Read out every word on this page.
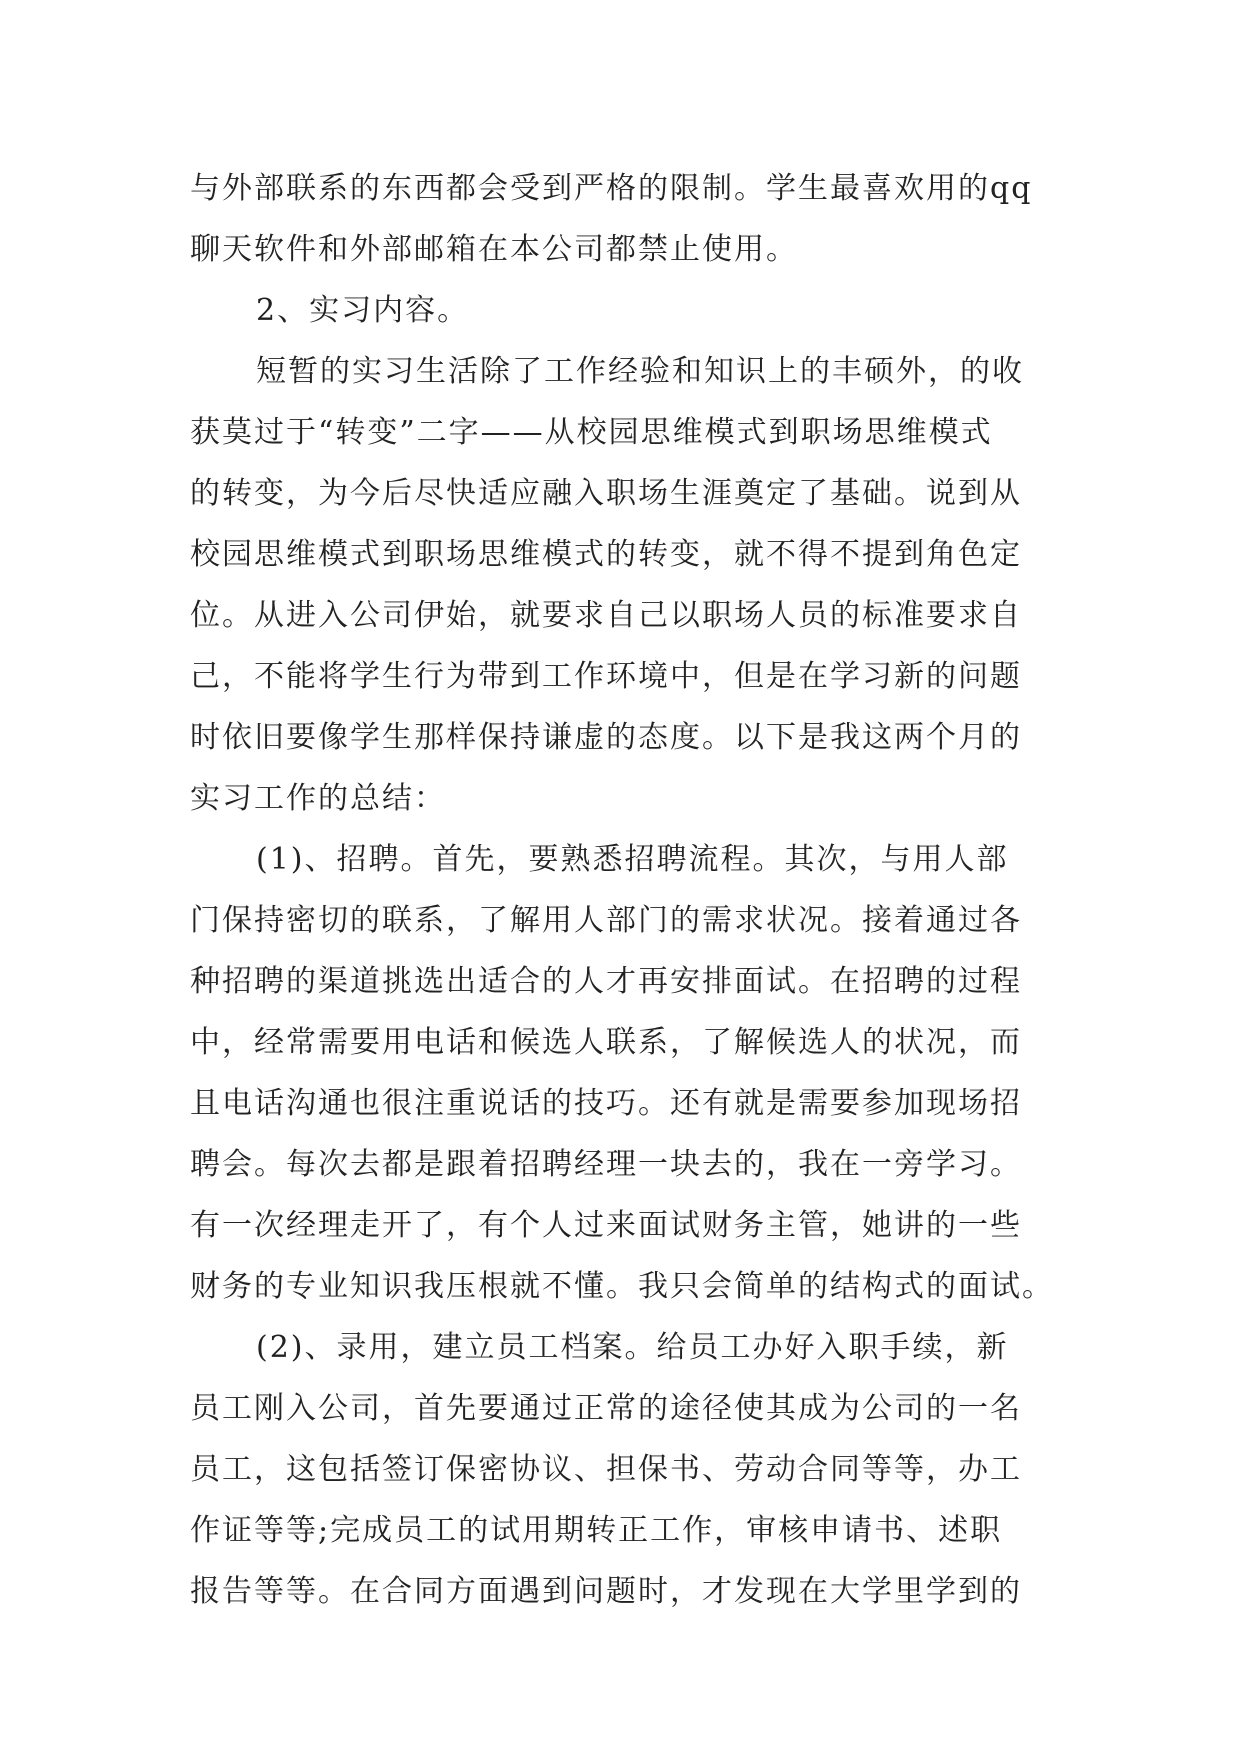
与外部联系的东西都会受到严格的限制。学生最喜欢用的qq
聊天软件和外部邮箱在本公司都禁止使用。
2、实习内容。
短暂的实习生活除了工作经验和知识上的丰硕外，的收
获莫过于“转变”二字——从校园思维模式到职场思维模式
的转变，为今后尽快适应融入职场生涯奠定了基础。说到从
校园思维模式到职场思维模式的转变，就不得不提到角色定
位。从进入公司伊始，就要求自己以职场人员的标准要求自
己，不能将学生行为带到工作环境中，但是在学习新的问题
时依旧要像学生那样保持谦虚的态度。以下是我这两个月的
实习工作的总结：
(1)、招聘。首先，要熟悉招聘流程。其次，与用人部
门保持密切的联系，了解用人部门的需求状况。接着通过各
种招聘的渠道挑选出适合的人才再安排面试。在招聘的过程
中，经常需要用电话和候选人联系，了解候选人的状况，而
且电话沟通也很注重说话的技巧。还有就是需要参加现场招
聘会。每次去都是跟着招聘经理一块去的，我在一旁学习。
有一次经理走开了，有个人过来面试财务主管，她讲的一些
财务的专业知识我压根就不懂。我只会简单的结构式的面试。
(2)、录用，建立员工档案。给员工办好入职手续，新
员工刚入公司，首先要通过正常的途径使其成为公司的一名
员工，这包括签订保密协议、担保书、劳动合同等等，办工
作证等等;完成员工的试用期转正工作，审核申请书、述职
报告等等。在合同方面遇到问题时，才发现在大学里学到的
